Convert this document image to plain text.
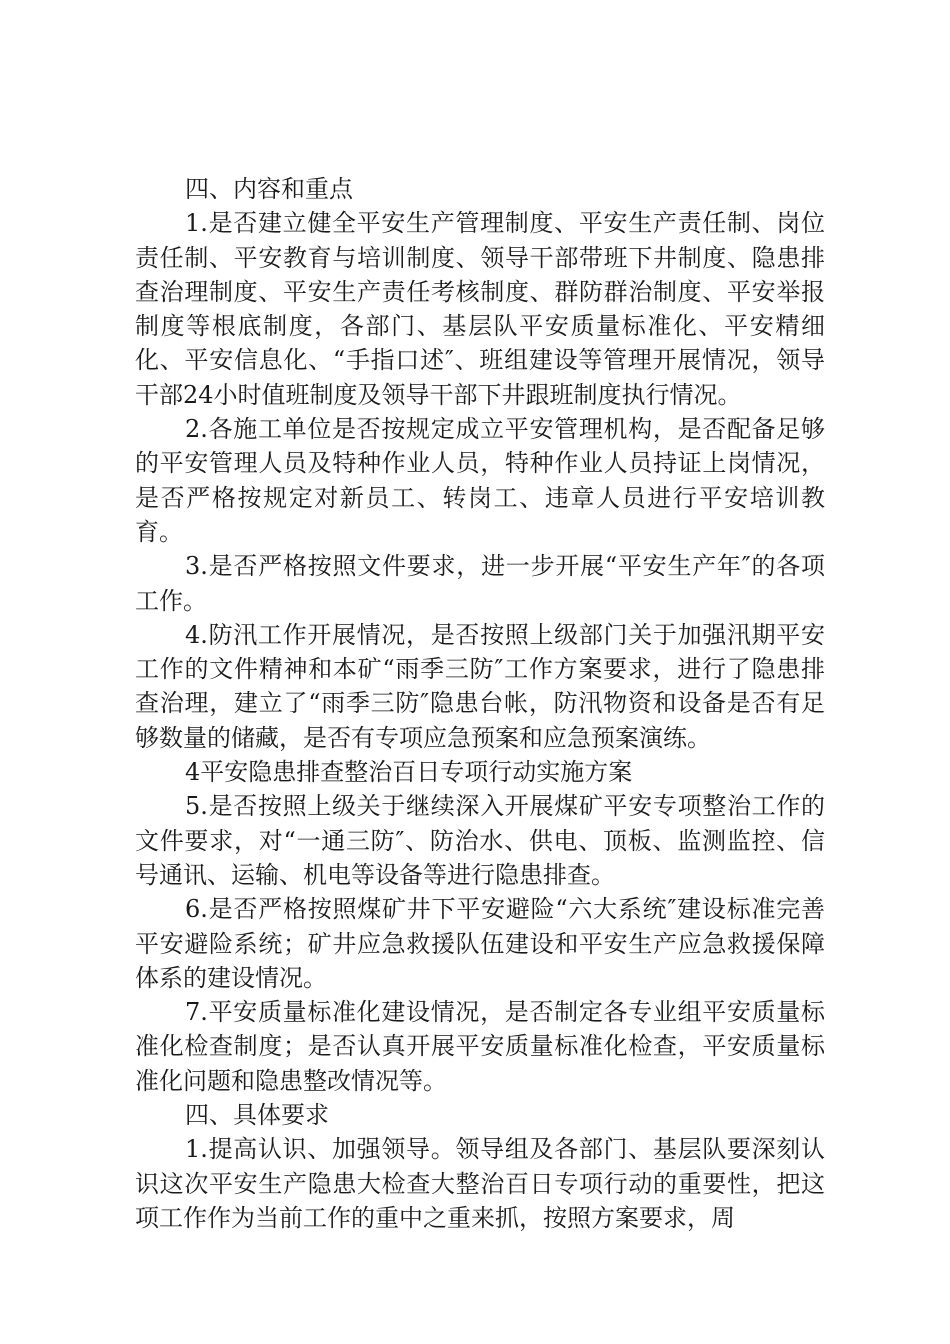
四、内容和重点

1.是否建立健全平安生产管理制度、平安生产责任制、岗位责任制、平安教育与培训制度、领导干部带班下井制度、隐患排查治理制度、平安生产责任考核制度、群防群治制度、平安举报制度等根底制度，各部门、基层队平安质量标准化、平安精细化、平安信息化、“手指口述″、班组建设等管理开展情况，领导干部24小时值班制度及领导干部下井跟班制度执行情况。

2.各施工单位是否按规定成立平安管理机构，是否配备足够的平安管理人员及特种作业人员，特种作业人员持证上岗情况，是否严格按规定对新员工、转岗工、违章人员进行平安培训教育。

3.是否严格按照文件要求，进一步开展“平安生产年″的各项工作。

4.防汛工作开展情况，是否按照上级部门关于加强汛期平安工作的文件精神和本矿“雨季三防″工作方案要求，进行了隐患排查治理，建立了“雨季三防″隐患台帐，防汛物资和设备是否有足够数量的储藏，是否有专项应急预案和应急预案演练。

4平安隐患排查整治百日专项行动实施方案

5.是否按照上级关于继续深入开展煤矿平安专项整治工作的文件要求，对“一通三防″、防治水、供电、顶板、监测监控、信号通讯、运输、机电等设备等进行隐患排查。

6.是否严格按照煤矿井下平安避险“六大系统″建设标准完善平安避险系统；矿井应急救援队伍建设和平安生产应急救援保障体系的建设情况。

7.平安质量标准化建设情况，是否制定各专业组平安质量标准化检查制度；是否认真开展平安质量标准化检查，平安质量标准化问题和隐患整改情况等。

四、具体要求

1.提高认识、加强领导。领导组及各部门、基层队要深刻认识这次平安生产隐患大检查大整治百日专项行动的重要性，把这项工作作为当前工作的重中之重来抓，按照方案要求，周
